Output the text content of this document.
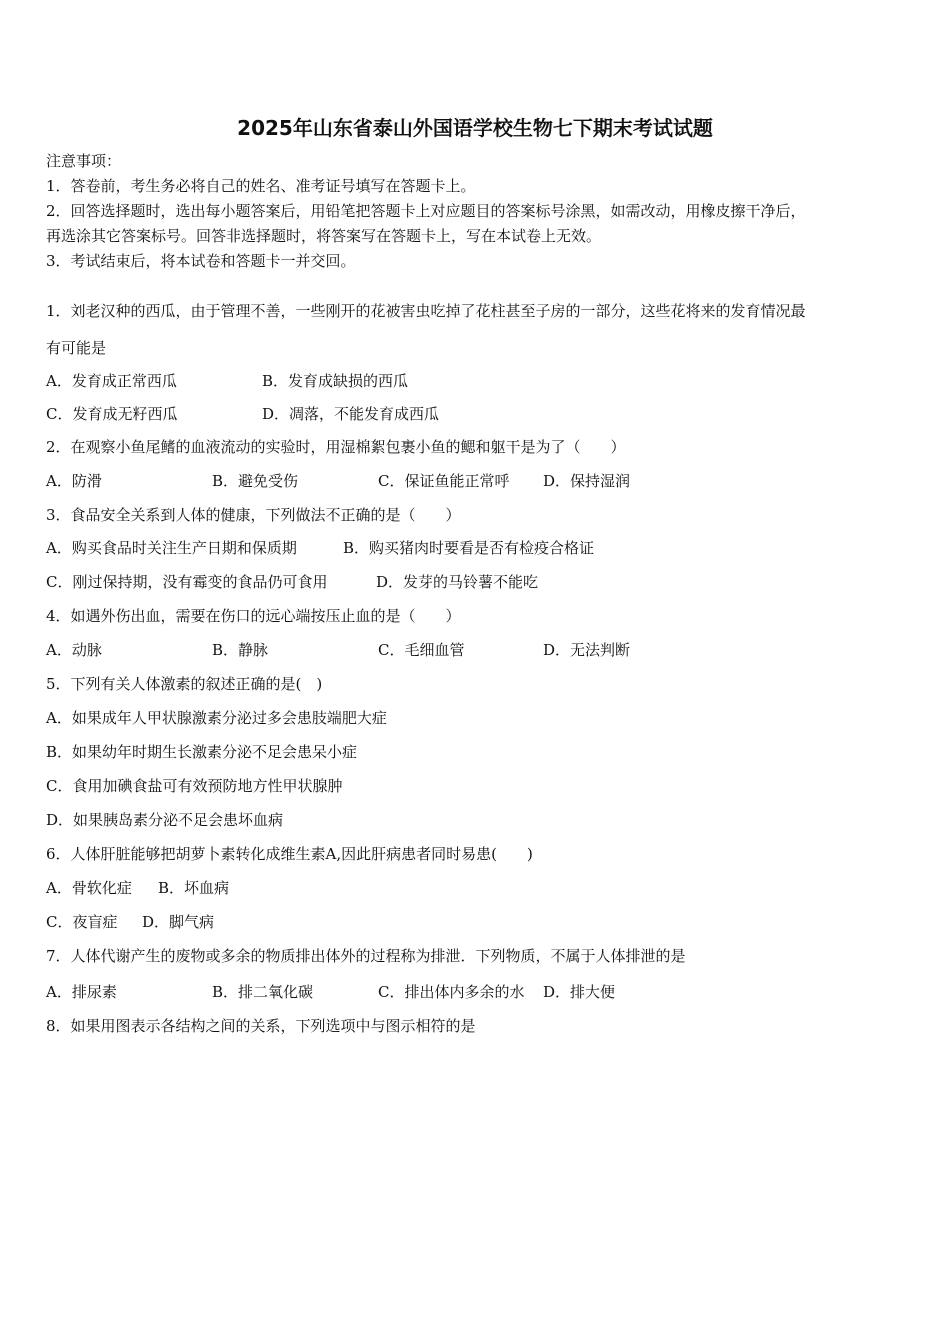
2025年山东省泰山外国语学校生物七下期末考试试题
注意事项：
1．答卷前，考生务必将自己的姓名、准考证号填写在答题卡上。
2．回答选择题时，选出每小题答案后，用铅笔把答题卡上对应题目的答案标号涂黑，如需改动，用橡皮擦干净后，
再选涂其它答案标号。回答非选择题时，将答案写在答题卡上，写在本试卷上无效。
3．考试结束后，将本试卷和答题卡一并交回。
1．刘老汉种的西瓜，由于管理不善，一些刚开的花被害虫吃掉了花柱甚至子房的一部分，这些花将来的发育情况最
有可能是
A．发育成正常西瓜	B．发育成缺损的西瓜
C．发育成无籽西瓜	D．凋落，不能发育成西瓜
2．在观察小鱼尾鳍的血液流动的实验时，用湿棉絮包裹小鱼的鳃和躯干是为了（　　）
A．防滑	B．避免受伤	C．保证鱼能正常呼 D．保持湿润
3．食品安全关系到人体的健康，下列做法不正确的是（　　）
A．购买食品时关注生产日期和保质期	B．购买猪肉时要看是否有检疫合格证
C．刚过保持期，没有霉变的食品仍可食用	D．发芽的马铃薯不能吃
4．如遇外伤出血，需要在伤口的远心端按压止血的是（　　）
A．动脉	B．静脉	C．毛细血管	D．无法判断
5．下列有关人体激素的叙述正确的是(　)
A．如果成年人甲状腺激素分泌过多会患肢端肥大症
B．如果幼年时期生长激素分泌不足会患呆小症
C．食用加碘食盐可有效预防地方性甲状腺肿
D．如果胰岛素分泌不足会患坏血病
6．人体肝脏能够把胡萝卜素转化成维生素A,因此肝病患者同时易患(　　)
A．骨软化症 B．坏血病
C．夜盲症 D．脚气病
7．人体代谢产生的废物或多余的物质排出体外的过程称为排泄．下列物质，不属于人体排泄的是
A．排尿素	B．排二氧化碳	C．排出体内多余的水 D．排大便
8．如果用图表示各结构之间的关系，下列选项中与图示相符的是
